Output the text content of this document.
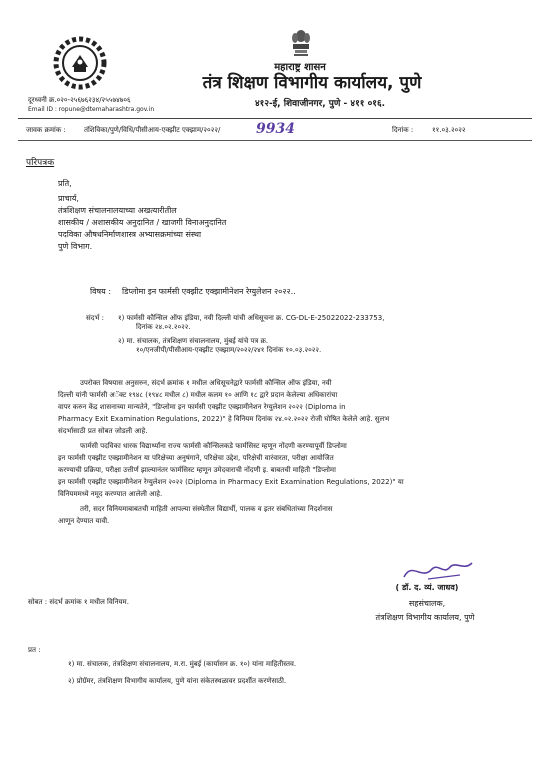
महाराष्ट्र शासन
तंत्र शिक्षण विभागीय कार्यालय, पुणे
४१२-ई, शिवाजीनगर, पुणे - ४११ ०१६.
दूरध्वनी क्र.०२०-२५६७६२३४/२५५७४७०६
Email ID : ropune@dtemaharashtra.gov.in
जावक क्रमांक :	तंशिविका/पुणे/विधि/पीसीआय-एक्झीट एक्झाम/२०२२/	9934	दिनांक :	११.०३.२०२२
परिपत्रक
प्रति,
प्राचार्य,
तंत्रशिक्षण संचालनालयाच्या अखत्यारीतील
शासकीय / अशासकीय अनुदानित / खाजगी विनाअनुदानित
पदविका औषधनिर्माणशास्त्र अभ्यासक्रमांच्या संस्था
पुणे विभाग.
विषय : डिप्लोमा इन फार्मसी एक्झीट एक्झामीनेशन रेग्युलेशन २०२२..
संदर्भ : १) फार्मसी कौन्सिल ऑफ इंडिया, नवी दिल्ली यांची अधिसूचना क्र. CG-DL-E-25022022-233753,
दिनांक २४.०२.२०२२.
२) मा. संचालक, तंत्रशिक्षण संचालनालय, मुंबई यांचे पत्र क्र.
१०/एनजीपी/पीसीआय-एक्झीट एक्झाम/२०२२/२४१ दिनांक १०.०३.२०२२.

उपरोक्त विषयास अनुसरुन, संदर्भ क्रमांक १ मधील अधिसूचनेद्वारे फार्मसी कौन्सिल ऑफ इंडिया, नवी

दिल्ली यांनी फार्मसी अॅक्ट १९४८ (१९४८ मधील ८) मधील कलम १० आणि १८ द्वारे प्रदान केलेल्या अधिकारांचा

वापर करुन केंद्र शासनाच्या मान्यतेने, "डिप्लोमा इन फार्मसी एक्झीट एक्झामीनेशन रेग्युलेशन २०२२ (Diploma in

Pharmacy Exit Examination Regulations, 2022)" हे विनियम दिनांक २४.०२.२०२२ रोजी घोषित केलेले आहे. सुलभ

संदर्भासाठी प्रत सोबत जोडली आहे.

फार्मसी पदविका धारक विद्यार्थ्यांना राज्य फार्मसी कौन्सिलकडे फार्मसिस्ट म्हणून नोंदणी करण्यापूर्वी डिप्लोमा

इन फार्मसी एक्झीट एक्झामीनेशन या परिक्षेच्या अनुषंगाने, परिक्षेचा उद्देश, परिक्षेची वारंवारता, परीक्षा आयोजित

करण्याची प्रक्रिया, परीक्षा उत्तीर्ण झाल्यानंतर फार्मसिस्ट म्हणून उमेदवाराची नोंदणी इ. बाबतची माहिती "डिप्लोमा

इन फार्मसी एक्झीट एक्झामीनेशन रेग्युलेशन २०२२ (Diploma in Pharmacy Exit Examination Regulations, 2022)" या

विनियममध्ये नमूद करण्यात आलेली आहे.

तरी, सदर विनियमाबाबतची माहिती आपल्या संस्थेतील विद्यार्थी, पालक व इतर संबधितांच्या निदर्शनास

आणून देण्यात यावी.

( डॉ. द. व्यं. जाधव)
सहसंचालक,
तंत्रशिक्षण विभागीय कार्यालय, पुणे
सोबत : संदर्भ क्रमांक १ मधील विनियम.
प्रत :
१) मा. संचालक, तंत्रशिक्षण संचालनालय, म.रा. मुंबई (कार्यासन क्र. १०) यांना माहितीस्तव.
२) प्रोग्रॅमर, तंत्रशिक्षण विभागीय कार्यालय, पुणे यांना संकेतस्थळावर प्रदर्शीत करणेसाठी.
